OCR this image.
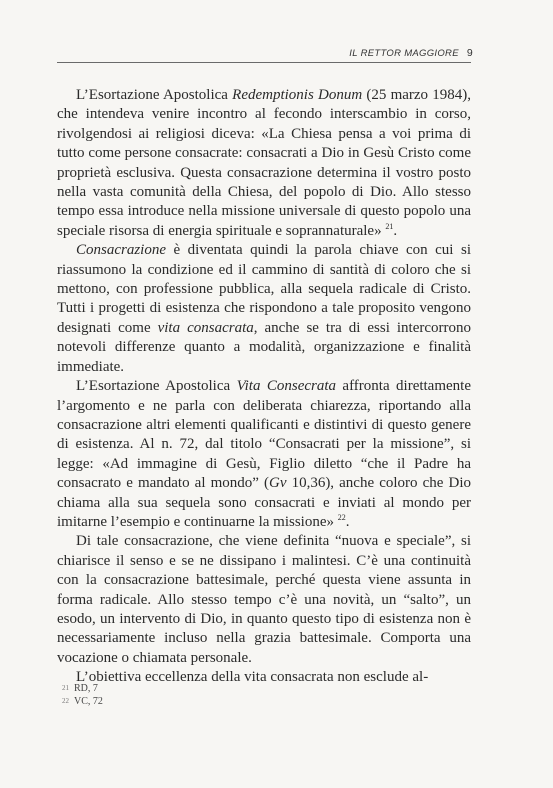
IL RETTOR MAGGIORE 9

L’Esortazione Apostolica Redemptionis Donum (25 marzo 1984), che intendeva venire incontro al fecondo interscambio in corso, rivolgendosi ai religiosi diceva: «La Chiesa pensa a voi prima di tutto come persone consacrate: consacrati a Dio in Gesù Cristo come proprietà esclusiva. Questa consacrazione determina il vostro posto nella vasta comunità della Chiesa, del popolo di Dio. Allo stesso tempo essa introduce nella missione universale di questo popolo una speciale risorsa di energia spirituale e soprannaturale» $^{21}$.

Consacrazione è diventata quindi la parola chiave con cui si riassumono la condizione ed il cammino di santità di coloro che si mettono, con professione pubblica, alla sequela radicale di Cristo. Tutti i progetti di esistenza che rispondono a tale proposito vengono designati come vita consacrata, anche se tra di essi intercorrono notevoli differenze quanto a modalità, organizzazione e finalità immediate.

L’Esortazione Apostolica Vita Consecrata affronta direttamente l’argomento e ne parla con deliberata chiarezza, riportando alla consacrazione altri elementi qualificanti e distintivi di questo genere di esistenza. Al n. 72, dal titolo “Consacrati per la missione”, si legge: «Ad immagine di Gesù, Figlio diletto “che il Padre ha consacrato e mandato al mondo” (Gv 10,36), anche coloro che Dio chiama alla sua sequela sono consacrati e inviati al mondo per imitarne l’esempio e continuarne la missione» $^{22}$.

Di tale consacrazione, che viene definita “nuova e speciale”, si chiarisce il senso e se ne dissipano i malintesi. C’è una continuità con la consacrazione battesimale, perché questa viene assunta in forma radicale. Allo stesso tempo c’è una novità, un “salto”, un esodo, un intervento di Dio, in quanto questo tipo di esistenza non è necessariamente incluso nella grazia battesimale. Comporta una vocazione o chiamata personale.

L’obiettiva eccellenza della vita consacrata non esclude al-

21 RD, 7
22 VC, 72
